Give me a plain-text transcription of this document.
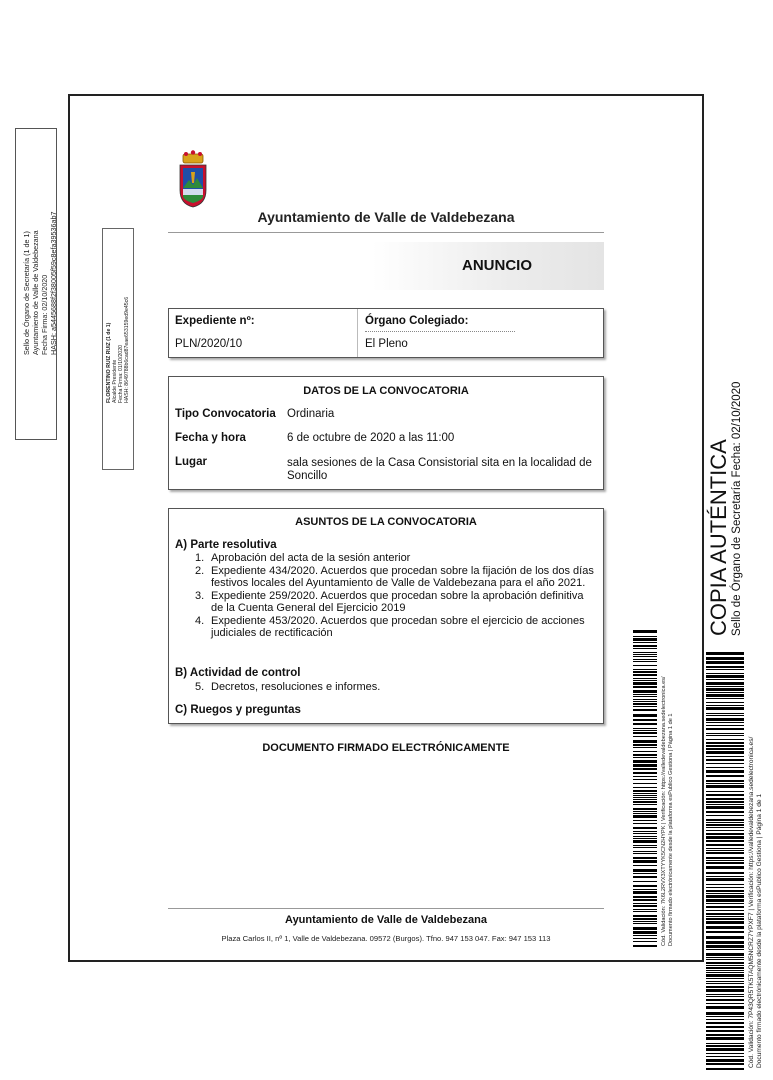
Sello de Órgano de Secretaría (1 de 1) Ayuntamiento de Valle de Valdebezana Fecha Firma: 02/10/2020 HASH: a5445688f2f38005f59c8efa39536ab7
FLORENTINO RUIZ RUIZ (1 de 1) Alcalde Presidente Fecha Firma: 01/10/2020 HASH: 8649788b6cad87eae653159ed9e45c6
Ayuntamiento de Valle de Valdebezana
ANUNCIO
Expediente nº:	Órgano Colegiado:
PLN/2020/10	El Pleno
DATOS DE LA CONVOCATORIA
Tipo Convocatoria Ordinaria
Fecha y hora	6 de octubre de 2020 a las 11:00
Lugar	sala sesiones de la Casa Consistorial sita en la localidad de Soncillo
ASUNTOS DE LA CONVOCATORIA
A) Parte resolutiva
1. Aprobación del acta de la sesión anterior
2. Expediente 434/2020. Acuerdos que procedan sobre la fijación de los dos días festivos locales del Ayuntamiento de Valle de Valdebezana para el año 2021.
3. Expediente 259/2020. Acuerdos que procedan sobre la aprobación definitiva de la Cuenta General del Ejercicio 2019
4. Expediente 453/2020. Acuerdos que procedan sobre el ejercicio de acciones judiciales de rectificación
B) Actividad de control
5. Decretos, resoluciones e informes.
C) Ruegos y preguntas
DOCUMENTO FIRMADO ELECTRÓNICAMENTE
Ayuntamiento de Valle de Valdebezana
Plaza Carlos II, nº 1, Valle de Valdebezana. 09572 (Burgos). Tfno. 947 153 047. Fax: 947 153 113	Cód. Validación: 7K6L2RVX3XTYYK5CN2HYPK | Verificación: https://valledevaldebezana.sedelectronica.es/ Documento firmado electrónicamente desde la plataforma esPublico Gestiona | Página 1 de 1
COPIA AUTÉNTICA Sello de Órgano de Secretaría Fecha: 02/10/2020
Cód. Validación: 7P43QR5TK5TAQM5NCRZ7YPXF7 | Verificación: https://valledevaldebezana.sedelectronica.es/ Documento firmado electrónicamente desde la plataforma esPublico Gestiona | Página 1 de 1
